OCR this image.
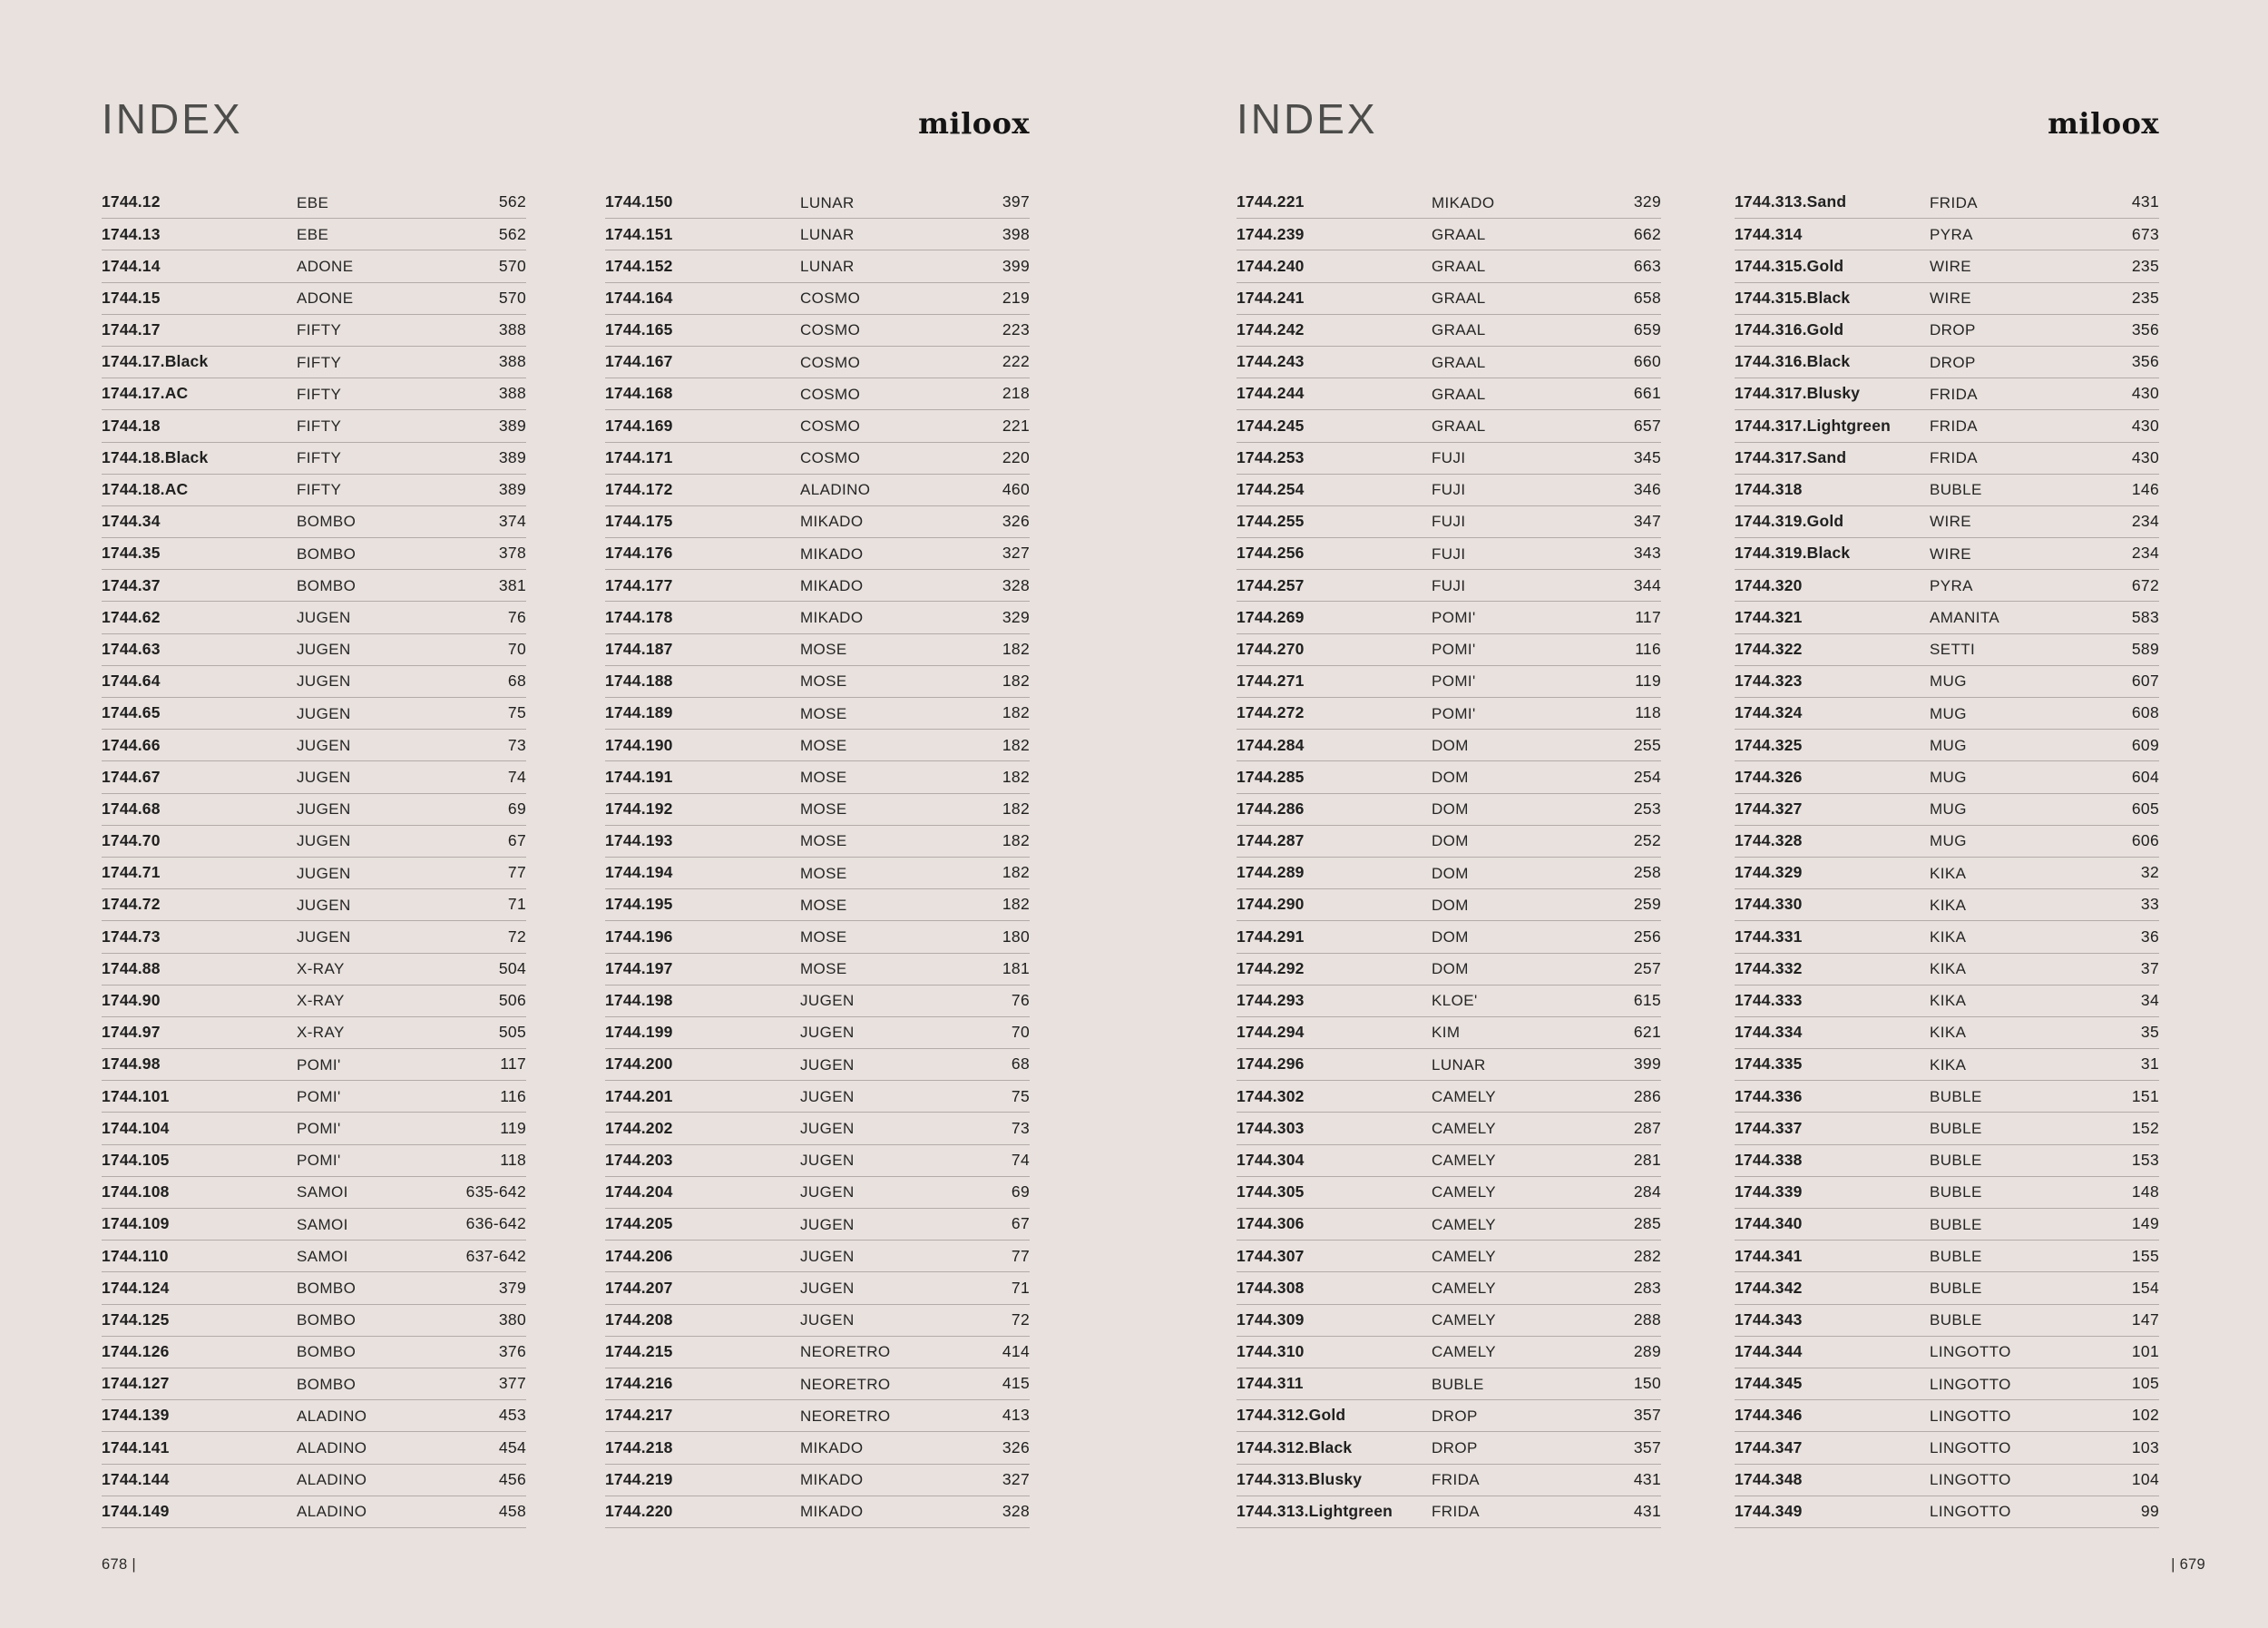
INDEX	miloox
1744.12	EBE	562
1744.13	EBE	562
1744.14	ADONE	570
1744.15	ADONE	570
1744.17	FIFTY	388
1744.17.Black	FIFTY	388
1744.17.AC	FIFTY	388
1744.18	FIFTY	389
1744.18.Black	FIFTY	389
1744.18.AC	FIFTY	389
1744.34	BOMBO	374
1744.35	BOMBO	378
1744.37	BOMBO	381
1744.62	JUGEN	76
1744.63	JUGEN	70
1744.64	JUGEN	68
1744.65	JUGEN	75
1744.66	JUGEN	73
1744.67	JUGEN	74
1744.68	JUGEN	69
1744.70	JUGEN	67
1744.71	JUGEN	77
1744.72	JUGEN	71
1744.73	JUGEN	72
1744.88	X-RAY	504
1744.90	X-RAY	506
1744.97	X-RAY	505
1744.98	POMI'	117
1744.101	POMI'	116
1744.104	POMI'	119
1744.105	POMI'	118
1744.108	SAMOI	635-642
1744.109	SAMOI	636-642
1744.110	SAMOI	637-642
1744.124	BOMBO	379
1744.125	BOMBO	380
1744.126	BOMBO	376
1744.127	BOMBO	377
1744.139	ALADINO	453
1744.141	ALADINO	454
1744.144	ALADINO	456
1744.149	ALADINO	458
1744.150	LUNAR	397
1744.151	LUNAR	398
1744.152	LUNAR	399
1744.164	COSMO	219
1744.165	COSMO	223
1744.167	COSMO	222
1744.168	COSMO	218
1744.169	COSMO	221
1744.171	COSMO	220
1744.172	ALADINO	460
1744.175	MIKADO	326
1744.176	MIKADO	327
1744.177	MIKADO	328
1744.178	MIKADO	329
1744.187	MOSE	182
1744.188	MOSE	182
1744.189	MOSE	182
1744.190	MOSE	182
1744.191	MOSE	182
1744.192	MOSE	182
1744.193	MOSE	182
1744.194	MOSE	182
1744.195	MOSE	182
1744.196	MOSE	180
1744.197	MOSE	181
1744.198	JUGEN	76
1744.199	JUGEN	70
1744.200	JUGEN	68
1744.201	JUGEN	75
1744.202	JUGEN	73
1744.203	JUGEN	74
1744.204	JUGEN	69
1744.205	JUGEN	67
1744.206	JUGEN	77
1744.207	JUGEN	71
1744.208	JUGEN	72
1744.215	NEORETRO	414
1744.216	NEORETRO	415
1744.217	NEORETRO	413
1744.218	MIKADO	326
1744.219	MIKADO	327
1744.220	MIKADO	328
678 |
INDEX	miloox
1744.221	MIKADO	329
1744.239	GRAAL	662
1744.240	GRAAL	663
1744.241	GRAAL	658
1744.242	GRAAL	659
1744.243	GRAAL	660
1744.244	GRAAL	661
1744.245	GRAAL	657
1744.253	FUJI	345
1744.254	FUJI	346
1744.255	FUJI	347
1744.256	FUJI	343
1744.257	FUJI	344
1744.269	POMI'	117
1744.270	POMI'	116
1744.271	POMI'	119
1744.272	POMI'	118
1744.284	DOM	255
1744.285	DOM	254
1744.286	DOM	253
1744.287	DOM	252
1744.289	DOM	258
1744.290	DOM	259
1744.291	DOM	256
1744.292	DOM	257
1744.293	KLOE'	615
1744.294	KIM	621
1744.296	LUNAR	399
1744.302	CAMELY	286
1744.303	CAMELY	287
1744.304	CAMELY	281
1744.305	CAMELY	284
1744.306	CAMELY	285
1744.307	CAMELY	282
1744.308	CAMELY	283
1744.309	CAMELY	288
1744.310	CAMELY	289
1744.311	BUBLE	150
1744.312.Gold	DROP	357
1744.312.Black	DROP	357
1744.313.Blusky	FRIDA	431
1744.313.Lightgreen	FRIDA	431
1744.313.Sand	FRIDA	431
1744.314	PYRA	673
1744.315.Gold	WIRE	235
1744.315.Black	WIRE	235
1744.316.Gold	DROP	356
1744.316.Black	DROP	356
1744.317.Blusky	FRIDA	430
1744.317.Lightgreen	FRIDA	430
1744.317.Sand	FRIDA	430
1744.318	BUBLE	146
1744.319.Gold	WIRE	234
1744.319.Black	WIRE	234
1744.320	PYRA	672
1744.321	AMANITA	583
1744.322	SETTI	589
1744.323	MUG	607
1744.324	MUG	608
1744.325	MUG	609
1744.326	MUG	604
1744.327	MUG	605
1744.328	MUG	606
1744.329	KIKA	32
1744.330	KIKA	33
1744.331	KIKA	36
1744.332	KIKA	37
1744.333	KIKA	34
1744.334	KIKA	35
1744.335	KIKA	31
1744.336	BUBLE	151
1744.337	BUBLE	152
1744.338	BUBLE	153
1744.339	BUBLE	148
1744.340	BUBLE	149
1744.341	BUBLE	155
1744.342	BUBLE	154
1744.343	BUBLE	147
1744.344	LINGOTTO	101
1744.345	LINGOTTO	105
1744.346	LINGOTTO	102
1744.347	LINGOTTO	103
1744.348	LINGOTTO	104
1744.349	LINGOTTO	99
| 679
